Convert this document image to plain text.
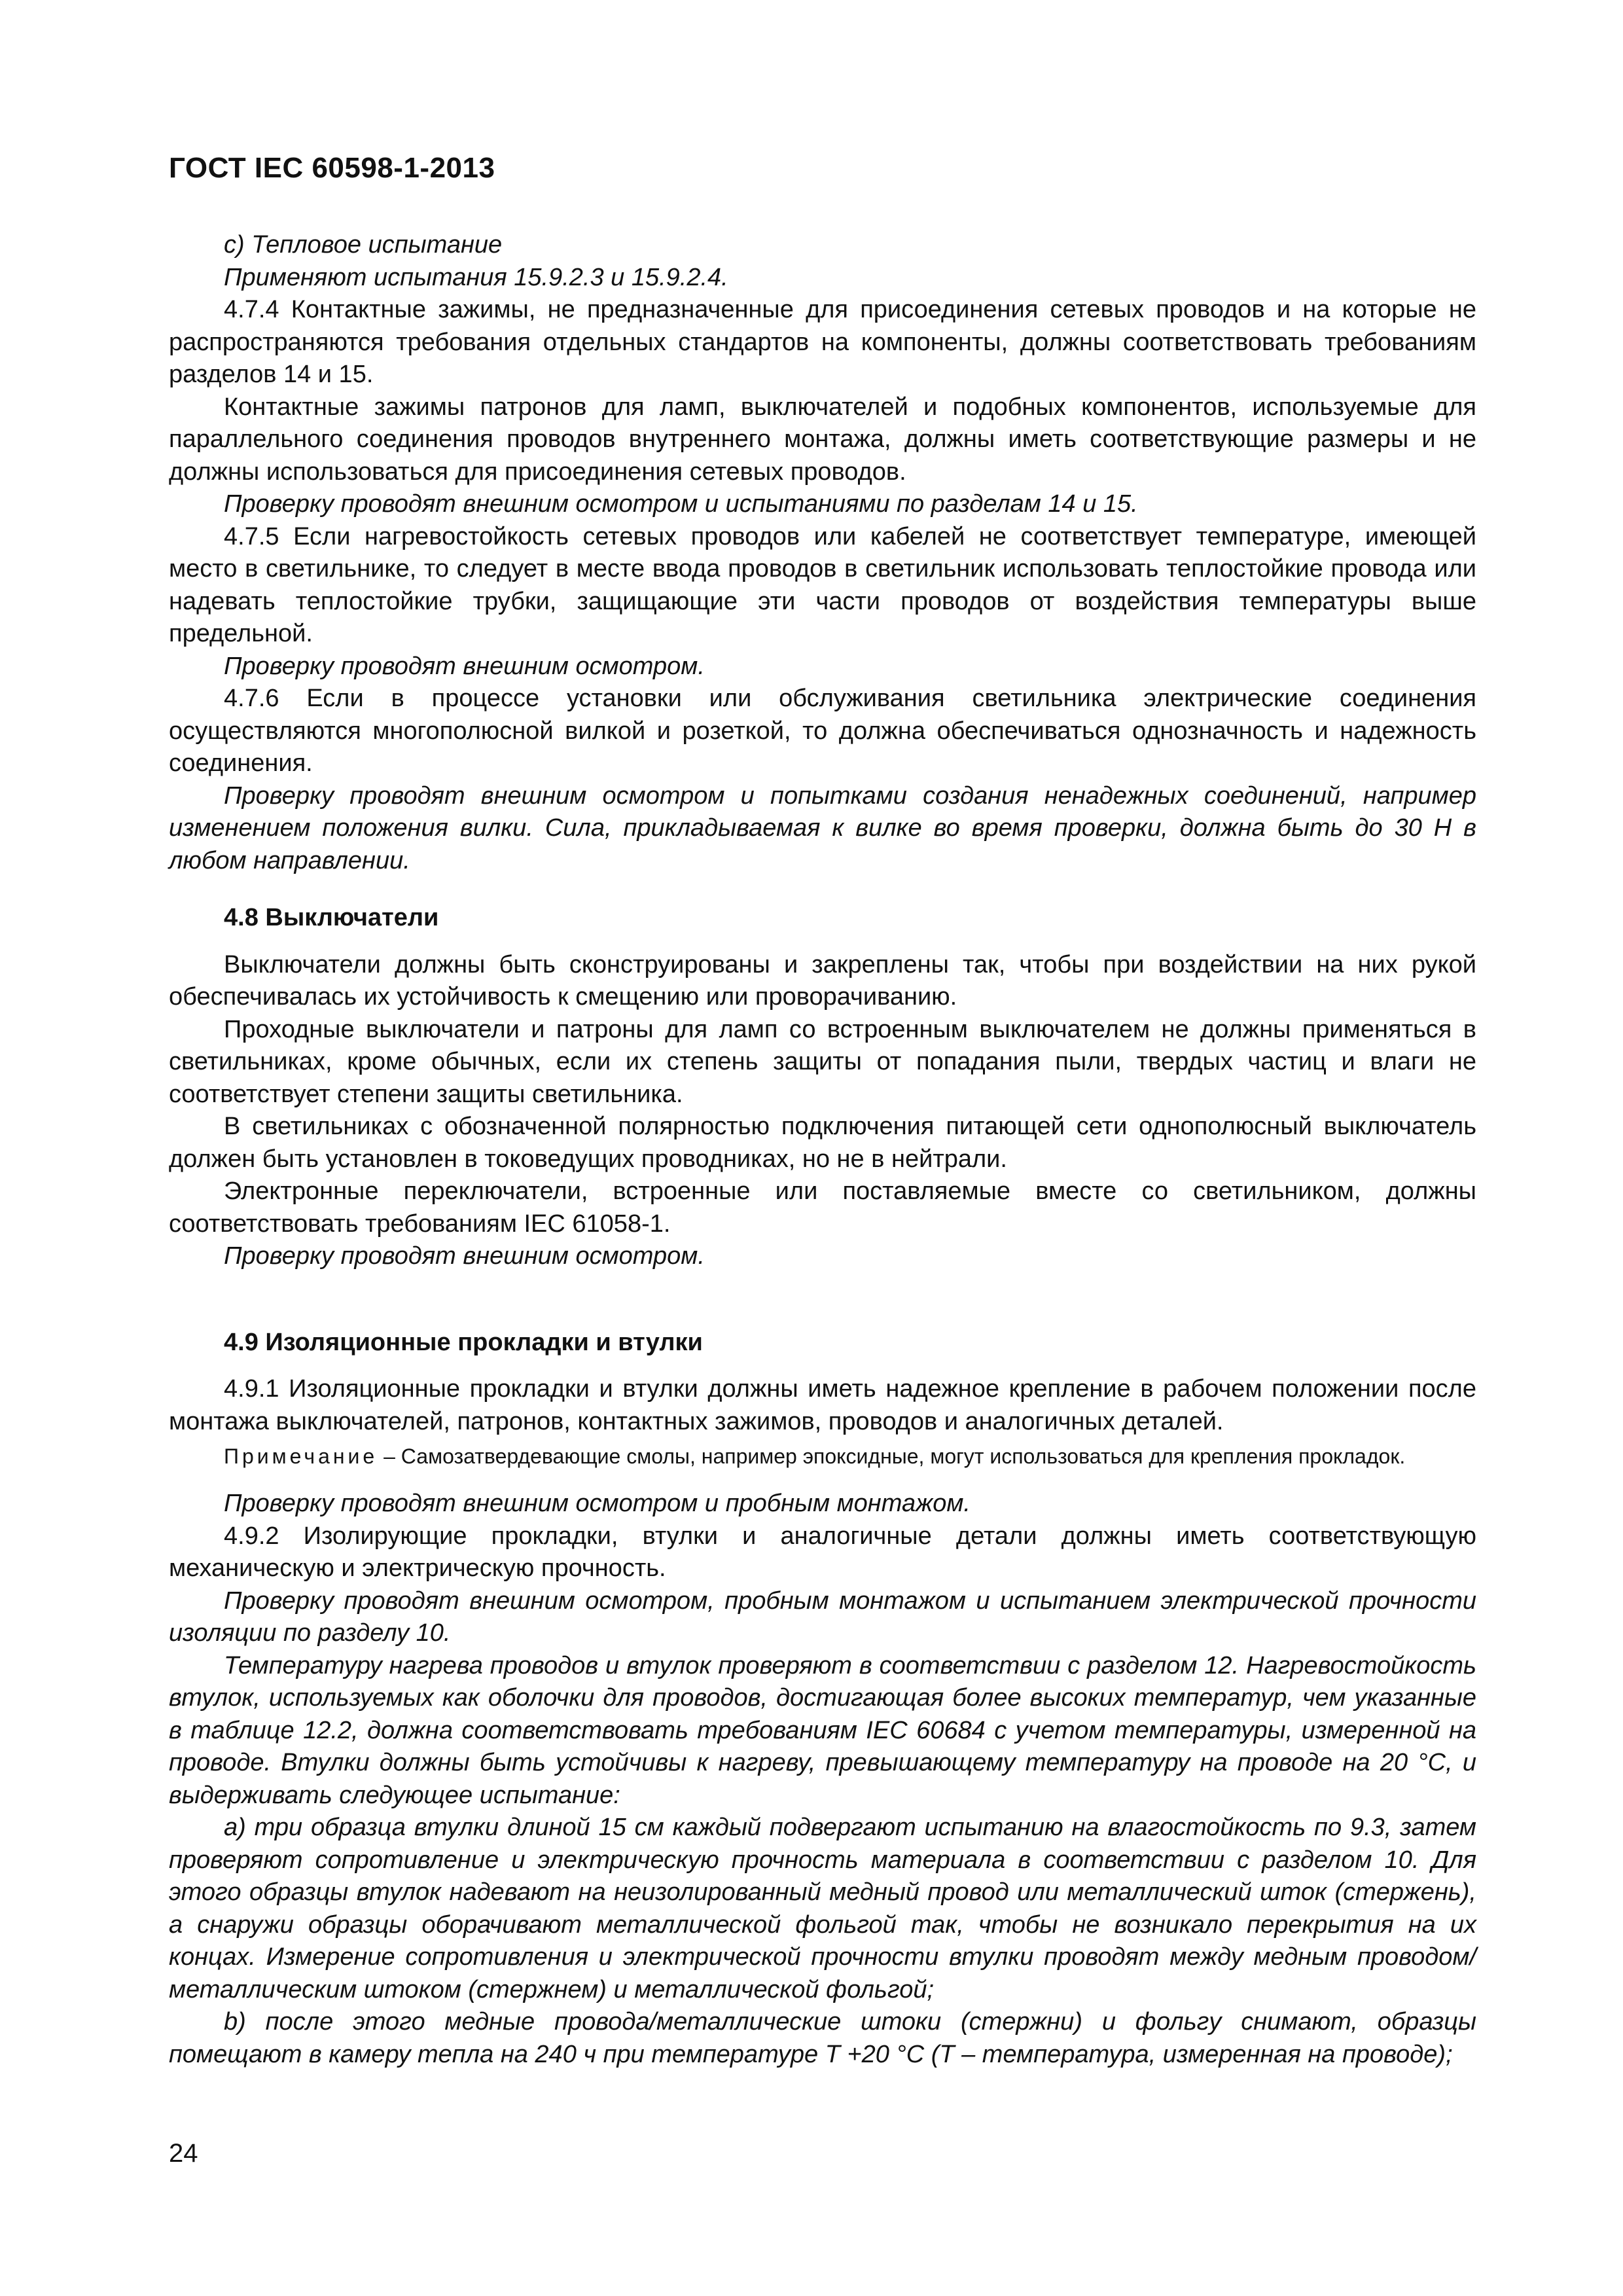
ГОСТ IEC 60598-1-2013

c) Тепловое испытание

Применяют испытания 15.9.2.3 и 15.9.2.4.

4.7.4 Контактные зажимы, не предназначенные для присоединения сетевых проводов и на которые не распространяются требования отдельных стандартов на компоненты, должны соответствовать требованиям разделов 14 и 15.

Контактные зажимы патронов для ламп, выключателей и подобных компонентов, используемые для параллельного соединения проводов внутреннего монтажа, должны иметь соответствующие размеры и не должны использоваться для присоединения сетевых проводов.

Проверку проводят внешним осмотром и испытаниями по разделам 14 и 15.

4.7.5 Если нагревостойкость сетевых проводов или кабелей не соответствует температуре, имеющей место в светильнике, то следует в месте ввода проводов в светильник использовать теплостойкие провода или надевать теплостойкие трубки, защищающие эти части проводов от воздействия температуры выше предельной.

Проверку проводят внешним осмотром.

4.7.6 Если в процессе установки или обслуживания светильника электрические соединения осуществляются многополюсной вилкой и розеткой, то должна обеспечиваться однозначность и надежность соединения.

Проверку проводят внешним осмотром и попытками создания ненадежных соединений, например изменением положения вилки. Сила, прикладываемая к вилке во время проверки, должна быть до 30 Н в любом направлении.

4.8 Выключатели

Выключатели должны быть сконструированы и закреплены так, чтобы при воздействии на них рукой обеспечивалась их устойчивость к смещению или проворачиванию.

Проходные выключатели и патроны для ламп со встроенным выключателем не должны применяться в светильниках, кроме обычных, если их степень защиты от попадания пыли, твердых частиц и влаги не соответствует степени защиты светильника.

В светильниках с обозначенной полярностью подключения питающей сети однополюсный выключатель должен быть установлен в токоведущих проводниках, но не в нейтрали.

Электронные переключатели, встроенные или поставляемые вместе со светильником, должны соответствовать требованиям IEC 61058-1.

Проверку проводят внешним осмотром.

4.9 Изоляционные прокладки и втулки

4.9.1 Изоляционные прокладки и втулки должны иметь надежное крепление в рабочем положении после монтажа выключателей, патронов, контактных зажимов, проводов и аналогичных деталей.

Примечание – Самозатвердевающие смолы, например эпоксидные, могут использоваться для крепления прокладок.

Проверку проводят внешним осмотром и пробным монтажом.

4.9.2 Изолирующие прокладки, втулки и аналогичные детали должны иметь соответствующую механическую и электрическую прочность.

Проверку проводят внешним осмотром, пробным монтажом и испытанием электрической прочности изоляции по разделу 10.

Температуру нагрева проводов и втулок проверяют в соответствии с разделом 12. Нагревостойкость втулок, используемых как оболочки для проводов, достигающая более высоких температур, чем указанные в таблице 12.2, должна соответствовать требованиям IEC 60684 с учетом температуры, измеренной на проводе. Втулки должны быть устойчивы к нагреву, превышающему температуру на проводе на 20 °C, и выдерживать следующее испытание:

a) три образца втулки длиной 15 см каждый подвергают испытанию на влагостойкость по 9.3, затем проверяют сопротивление и электрическую прочность материала в соответствии с разделом 10. Для этого образцы втулок надевают на неизолированный медный провод или металлический шток (стержень), а снаружи образцы оборачивают металлической фольгой так, чтобы не возникало перекрытия на их концах. Измерение сопротивления и электрической прочности втулки проводят между медным проводом/металлическим штоком (стержнем) и металлической фольгой;

b) после этого медные провода/металлические штоки (стержни) и фольгу снимают, образцы помещают в камеру тепла на 240 ч при температуре T +20 °C (T – температура, измеренная на проводе);

24
